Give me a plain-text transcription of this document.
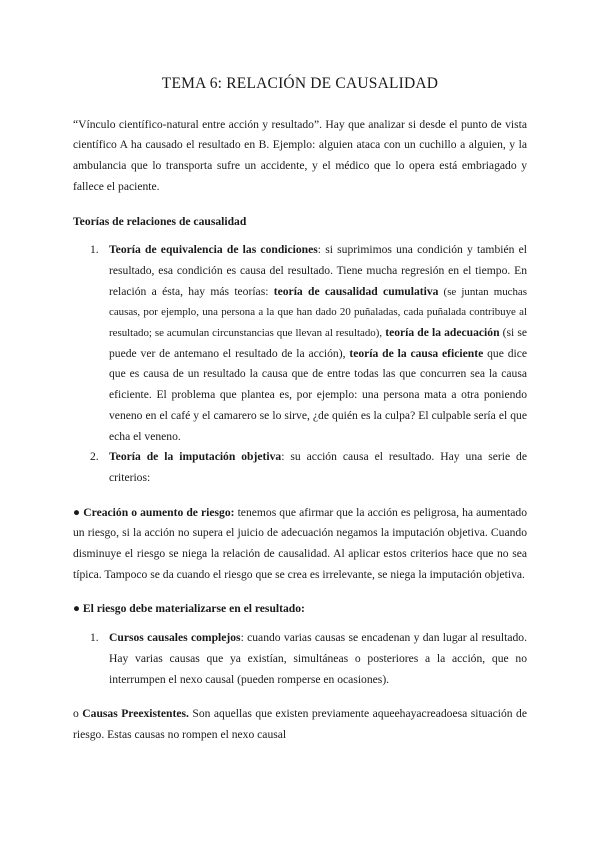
TEMA 6: RELACIÓN DE CAUSALIDAD

“Vínculo científico-natural entre acción y resultado”. Hay que analizar si desde el punto de vista científico A ha causado el resultado en B. Ejemplo: alguien ataca con un cuchillo a alguien, y la ambulancia que lo transporta sufre un accidente, y el médico que lo opera está embriagado y fallece el paciente.

Teorías de relaciones de causalidad

1. Teoría de equivalencia de las condiciones: si suprimimos una condición y también el resultado, esa condición es causa del resultado. Tiene mucha regresión en el tiempo. En relación a ésta, hay más teorías: teoría de causalidad cumulativa (se juntan muchas causas, por ejemplo, una persona a la que han dado 20 puñaladas, cada puñalada contribuye al resultado; se acumulan circunstancias que llevan al resultado), teoría de la adecuación (si se puede ver de antemano el resultado de la acción), teoría de la causa eficiente que dice que es causa de un resultado la causa que de entre todas las que concurren sea la causa eficiente. El problema que plantea es, por ejemplo: una persona mata a otra poniendo veneno en el café y el camarero se lo sirve, ¿de quién es la culpa? El culpable sería el que echa el veneno.
2. Teoría de la imputación objetiva: su acción causa el resultado. Hay una serie de criterios:

● Creación o aumento de riesgo: tenemos que afirmar que la acción es peligrosa, ha aumentado un riesgo, si la acción no supera el juicio de adecuación negamos la imputación objetiva. Cuando disminuye el riesgo se niega la relación de causalidad. Al aplicar estos criterios hace que no sea típica. Tampoco se da cuando el riesgo que se crea es irrelevante, se niega la imputación objetiva.

● El riesgo debe materializarse en el resultado:

1. Cursos causales complejos: cuando varias causas se encadenan y dan lugar al resultado. Hay varias causas que ya existían, simultáneas o posteriores a la acción, que no interrumpen el nexo causal (pueden romperse en ocasiones).

o Causas Preexistentes. Son aquellas que existen previamente aqueehayacreadoesa situación de riesgo. Estas causas no rompen el nexo causal
